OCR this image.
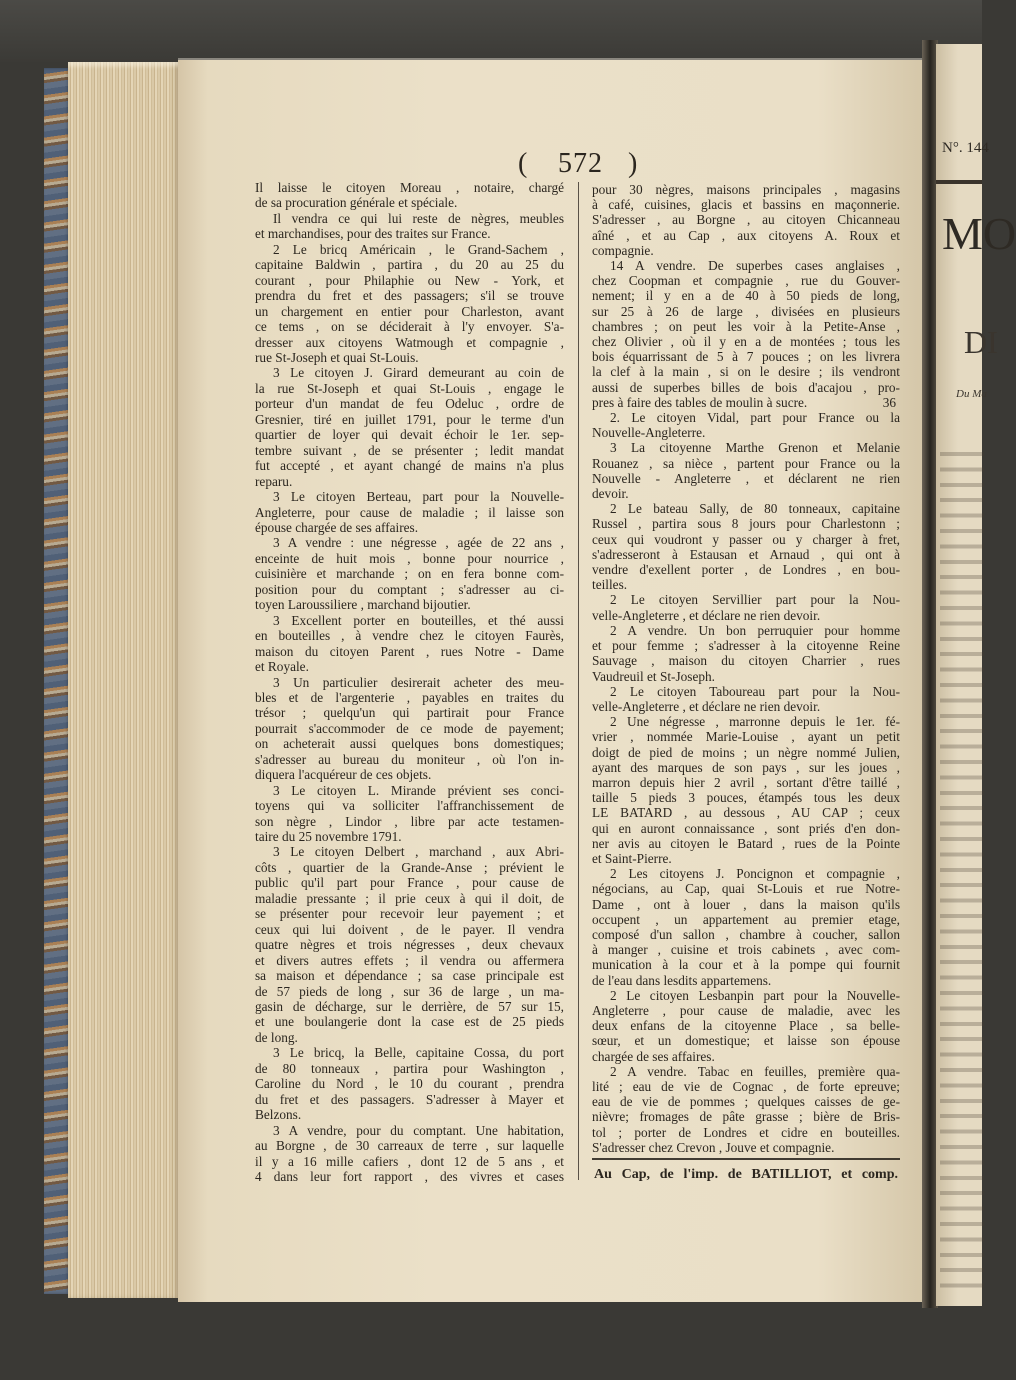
N°. 144
MO
DI
Du Ma
( 572 )
Il laisse le citoyen Moreau , notaire, chargé
de sa procuration générale et spéciale.
Il vendra ce qui lui reste de nègres, meubles
et marchandises, pour des traites sur France.
2 Le bricq Américain , le Grand-Sachem ,
capitaine Baldwin , partira , du 20 au 25 du
courant , pour Philaphie ou New - York, et
prendra du fret et des passagers; s'il se trouve
un chargement en entier pour Charleston, avant
ce tems , on se déciderait à l'y envoyer. S'a-
dresser aux citoyens Watmough et compagnie ,
rue St-Joseph et quai St-Louis.
3 Le citoyen J. Girard demeurant au coin de
la rue St-Joseph et quai St-Louis , engage le
porteur d'un mandat de feu Odeluc , ordre de
Gresnier, tiré en juillet 1791, pour le terme d'un
quartier de loyer qui devait échoir le 1er. sep-
tembre suivant , de se présenter ; ledit mandat
fut accepté , et ayant changé de mains n'a plus
reparu.
3 Le citoyen Berteau, part pour la Nouvelle-
Angleterre, pour cause de maladie ; il laisse son
épouse chargée de ses affaires.
3 A vendre : une négresse , agée de 22 ans ,
enceinte de huit mois , bonne pour nourrice ,
cuisinière et marchande ; on en fera bonne com-
position pour du comptant ; s'adresser au ci-
toyen Laroussiliere , marchand bijoutier.
3 Excellent porter en bouteilles, et thé aussi
en bouteilles , à vendre chez le citoyen Faurès,
maison du citoyen Parent , rues Notre - Dame
et Royale.
3 Un particulier desirerait acheter des meu-
bles et de l'argenterie , payables en traites du
trésor ; quelqu'un qui partirait pour France
pourrait s'accommoder de ce mode de payement;
on acheterait aussi quelques bons domestiques;
s'adresser au bureau du moniteur , où l'on in-
diquera l'acquéreur de ces objets.
3 Le citoyen L. Mirande prévient ses conci-
toyens qui va solliciter l'affranchissement de
son nègre , Lindor , libre par acte testamen-
taire du 25 novembre 1791.
3 Le citoyen Delbert , marchand , aux Abri-
côts , quartier de la Grande-Anse ; prévient le
public qu'il part pour France , pour cause de
maladie pressante ; il prie ceux à qui il doit, de
se présenter pour recevoir leur payement ; et
ceux qui lui doivent , de le payer. Il vendra
quatre nègres et trois négresses , deux chevaux
et divers autres effets ; il vendra ou affermera
sa maison et dépendance ; sa case principale est
de 57 pieds de long , sur 36 de large , un ma-
gasin de décharge, sur le derrière, de 57 sur 15,
et une boulangerie dont la case est de 25 pieds
de long.
3 Le bricq, la Belle, capitaine Cossa, du port
de 80 tonneaux , partira pour Washington ,
Caroline du Nord , le 10 du courant , prendra
du fret et des passagers. S'adresser à Mayer et
Belzons.
3 A vendre, pour du comptant. Une habitation,
au Borgne , de 30 carreaux de terre , sur laquelle
il y a 16 mille cafiers , dont 12 de 5 ans , et
4 dans leur fort rapport , des vivres et cases
pour 30 nègres, maisons principales , magasins
à café, cuisines, glacis et bassins en maçonnerie.
S'adresser , au Borgne , au citoyen Chicanneau
aîné , et au Cap , aux citoyens A. Roux et
compagnie.
14 A vendre. De superbes cases anglaises ,
chez Coopman et compagnie , rue du Gouver-
nement; il y en a de 40 à 50 pieds de long,
sur 25 à 26 de large , divisées en plusieurs
chambres ; on peut les voir à la Petite-Anse ,
chez Olivier , où il y en a de montées ; tous les
bois équarrissant de 5 à 7 pouces ; on les livrera
la clef à la main , si on le desire ; ils vendront
aussi de superbes billes de bois d'acajou , pro-
pres à faire des tables de moulin à sucre.	36
2. Le citoyen Vidal, part pour France ou la
Nouvelle-Angleterre.
3 La citoyenne Marthe Grenon et Melanie
Rouanez , sa nièce , partent pour France ou la
Nouvelle - Angleterre , et déclarent ne rien
devoir.
2 Le bateau Sally, de 80 tonneaux, capitaine
Russel , partira sous 8 jours pour Charlestonn ;
ceux qui voudront y passer ou y charger à fret,
s'adresseront à Estausan et Arnaud , qui ont à
vendre d'exellent porter , de Londres , en bou-
teilles.
2 Le citoyen Servillier part pour la Nou-
velle-Angleterre , et déclare ne rien devoir.
2 A vendre. Un bon perruquier pour homme
et pour femme ; s'adresser à la citoyenne Reine
Sauvage , maison du citoyen Charrier , rues
Vaudreuil et St-Joseph.
2 Le citoyen Taboureau part pour la Nou-
velle-Angleterre , et déclare ne rien devoir.
2 Une négresse , marronne depuis le 1er. fé-
vrier , nommée Marie-Louise , ayant un petit
doigt de pied de moins ; un nègre nommé Julien,
ayant des marques de son pays , sur les joues ,
marron depuis hier 2 avril , sortant d'être taillé ,
taille 5 pieds 3 pouces, étampés tous les deux
LE BATARD , au dessous , AU CAP ; ceux
qui en auront connaissance , sont priés d'en don-
ner avis au citoyen le Batard , rues de la Pointe
et Saint-Pierre.
2 Les citoyens J. Poncignon et compagnie ,
négocians, au Cap, quai St-Louis et rue Notre-
Dame , ont à louer , dans la maison qu'ils
occupent , un appartement au premier etage,
composé d'un sallon , chambre à coucher, sallon
à manger , cuisine et trois cabinets , avec com-
munication à la cour et à la pompe qui fournit
de l'eau dans lesdits appartemens.
2 Le citoyen Lesbanpin part pour la Nouvelle-
Angleterre , pour cause de maladie, avec les
deux enfans de la citoyenne Place , sa belle-
sœur, et un domestique; et laisse son épouse
chargée de ses affaires.
2 A vendre. Tabac en feuilles, première qua-
lité ; eau de vie de Cognac , de forte epreuve;
eau de vie de pommes ; quelques caisses de ge-
nièvre; fromages de pâte grasse ; bière de Bris-
tol ; porter de Londres et cidre en bouteilles.
S'adresser chez Crevon , Jouve et compagnie.
Au Cap, de l'imp. de BATILLIOT, et comp.
